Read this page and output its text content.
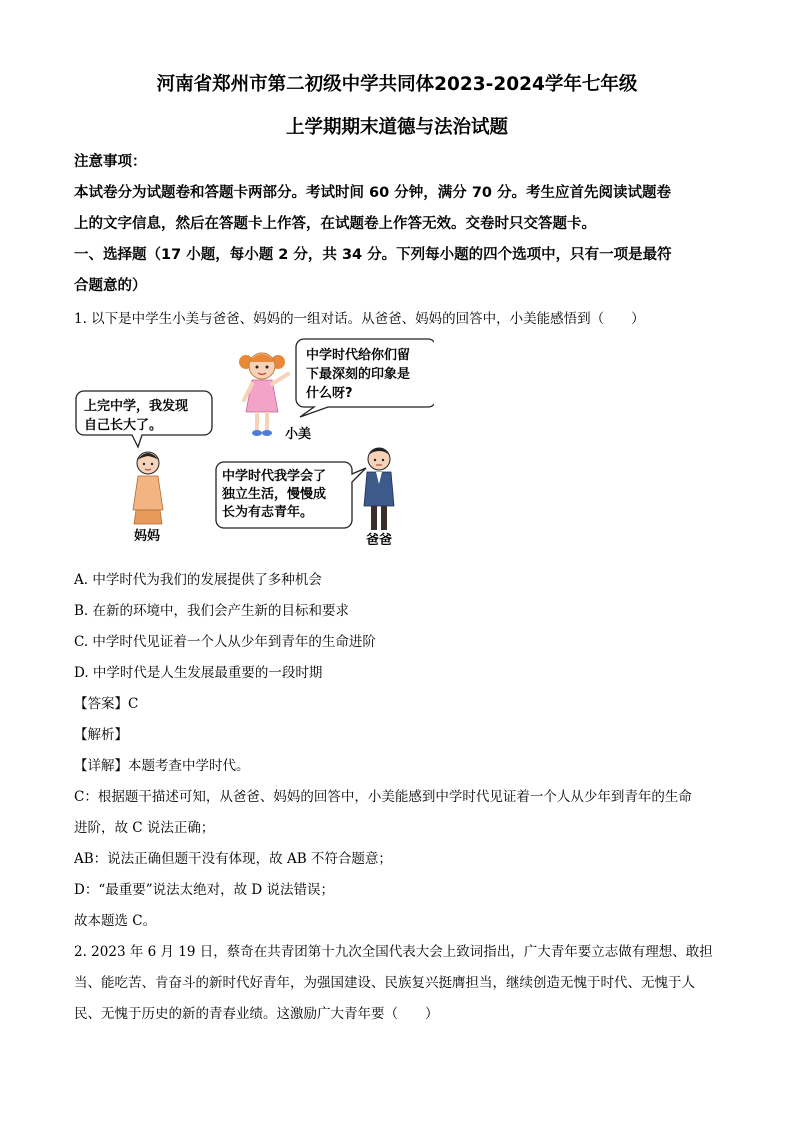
河南省郑州市第二初级中学共同体2023-2024学年七年级
上学期期末道德与法治试题
注意事项：
本试卷分为试题卷和答题卡两部分。考试时间 60 分钟，满分 70 分。考生应首先阅读试题卷
上的文字信息，然后在答题卡上作答，在试题卷上作答无效。交卷时只交答题卡。
一、选择题（17 小题，每小题 2 分，共 34 分。下列每小题的四个选项中，只有一项是最符
合题意的）
1. 以下是中学生小美与爸爸、妈妈的一组对话。从爸爸、妈妈的回答中，小美能感悟到（　　）
中学时代给你们留
下最深刻的印象是
什么呀?
上完中学，我发现
自己长大了。
中学时代我学会了
独立生活，慢慢成
长为有志青年。
小美
妈妈	爸爸
A. 中学时代为我们的发展提供了多种机会
B. 在新的环境中，我们会产生新的目标和要求
C. 中学时代见证着一个人从少年到青年的生命进阶
D. 中学时代是人生发展最重要的一段时期
【答案】C
【解析】
【详解】本题考查中学时代。
C：根据题干描述可知，从爸爸、妈妈的回答中，小美能感到中学时代见证着一个人从少年到青年的生命
进阶，故 C 说法正确；
AB：说法正确但题干没有体现，故 AB 不符合题意；
D：“最重要”说法太绝对，故 D 说法错误；
故本题选 C。
2. 2023 年 6 月 19 日，蔡奇在共青团第十九次全国代表大会上致词指出，广大青年要立志做有理想、敢担
当、能吃苦、肯奋斗的新时代好青年，为强国建设、民族复兴挺膺担当，继续创造无愧于时代、无愧于人
民、无愧于历史的新的青春业绩。这激励广大青年要（　　）
